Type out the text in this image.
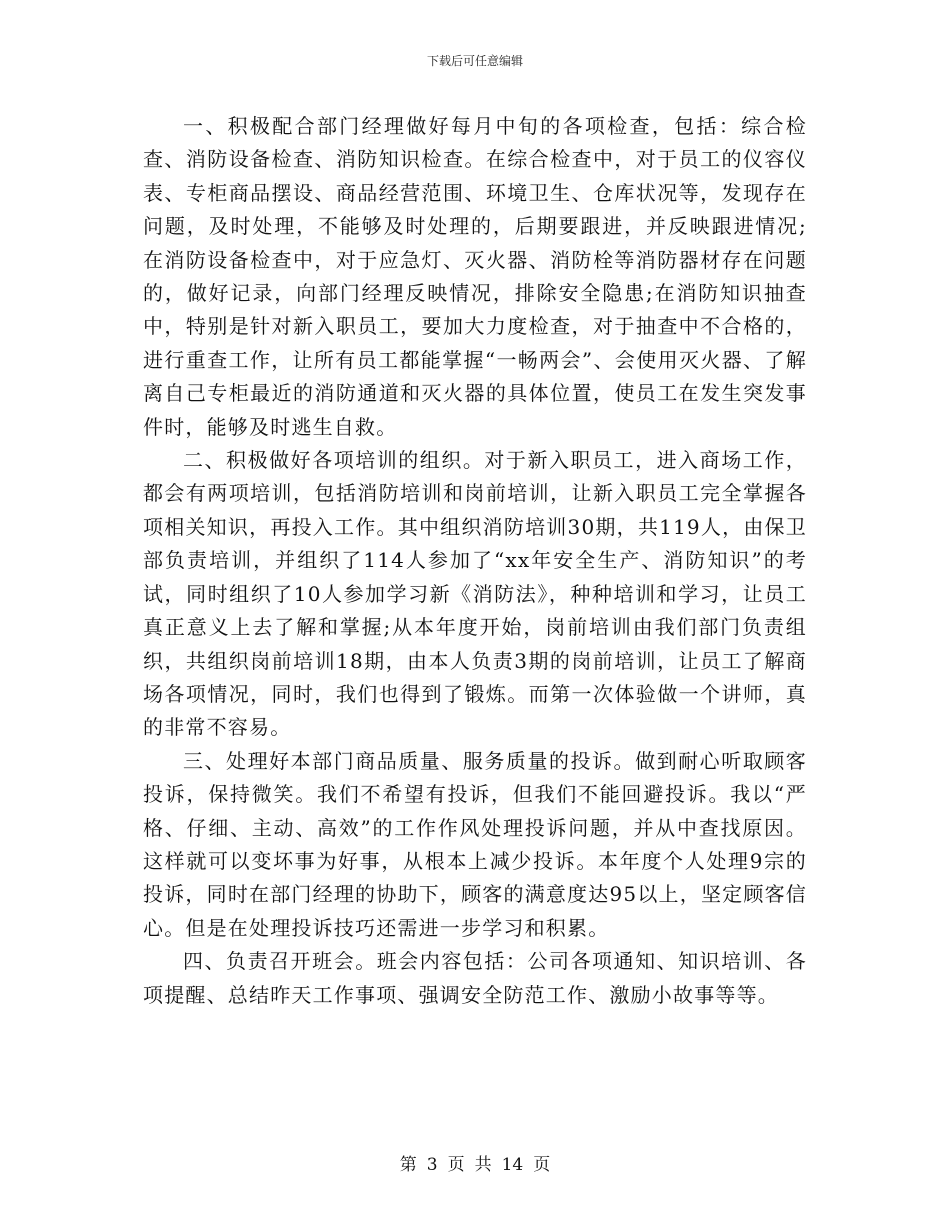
下载后可任意编辑

一、积极配合部门经理做好每月中旬的各项检查，包括：综合检查、消防设备检查、消防知识检查。在综合检查中，对于员工的仪容仪表、专柜商品摆设、商品经营范围、环境卫生、仓库状况等，发现存在问题，及时处理，不能够及时处理的，后期要跟进，并反映跟进情况;在消防设备检查中，对于应急灯、灭火器、消防栓等消防器材存在问题的，做好记录，向部门经理反映情况，排除安全隐患;在消防知识抽查中，特别是针对新入职员工，要加大力度检查，对于抽查中不合格的，进行重查工作，让所有员工都能掌握“一畅两会”、会使用灭火器、了解离自己专柜最近的消防通道和灭火器的具体位置，使员工在发生突发事件时，能够及时逃生自救。

二、积极做好各项培训的组织。对于新入职员工，进入商场工作，都会有两项培训，包括消防培训和岗前培训，让新入职员工完全掌握各项相关知识，再投入工作。其中组织消防培训30期，共119人，由保卫部负责培训，并组织了114人参加了“xx年安全生产、消防知识”的考试，同时组织了10人参加学习新《消防法》，种种培训和学习，让员工真正意义上去了解和掌握;从本年度开始，岗前培训由我们部门负责组织，共组织岗前培训18期，由本人负责3期的岗前培训，让员工了解商场各项情况，同时，我们也得到了锻炼。而第一次体验做一个讲师，真的非常不容易。

三、处理好本部门商品质量、服务质量的投诉。做到耐心听取顾客投诉，保持微笑。我们不希望有投诉，但我们不能回避投诉。我以“严格、仔细、主动、高效”的工作作风处理投诉问题，并从中查找原因。这样就可以变坏事为好事，从根本上减少投诉。本年度个人处理9宗的投诉，同时在部门经理的协助下，顾客的满意度达95以上，坚定顾客信心。但是在处理投诉技巧还需进一步学习和积累。

四、负责召开班会。班会内容包括：公司各项通知、知识培训、各项提醒、总结昨天工作事项、强调安全防范工作、激励小故事等等。

第 3 页 共 14 页
